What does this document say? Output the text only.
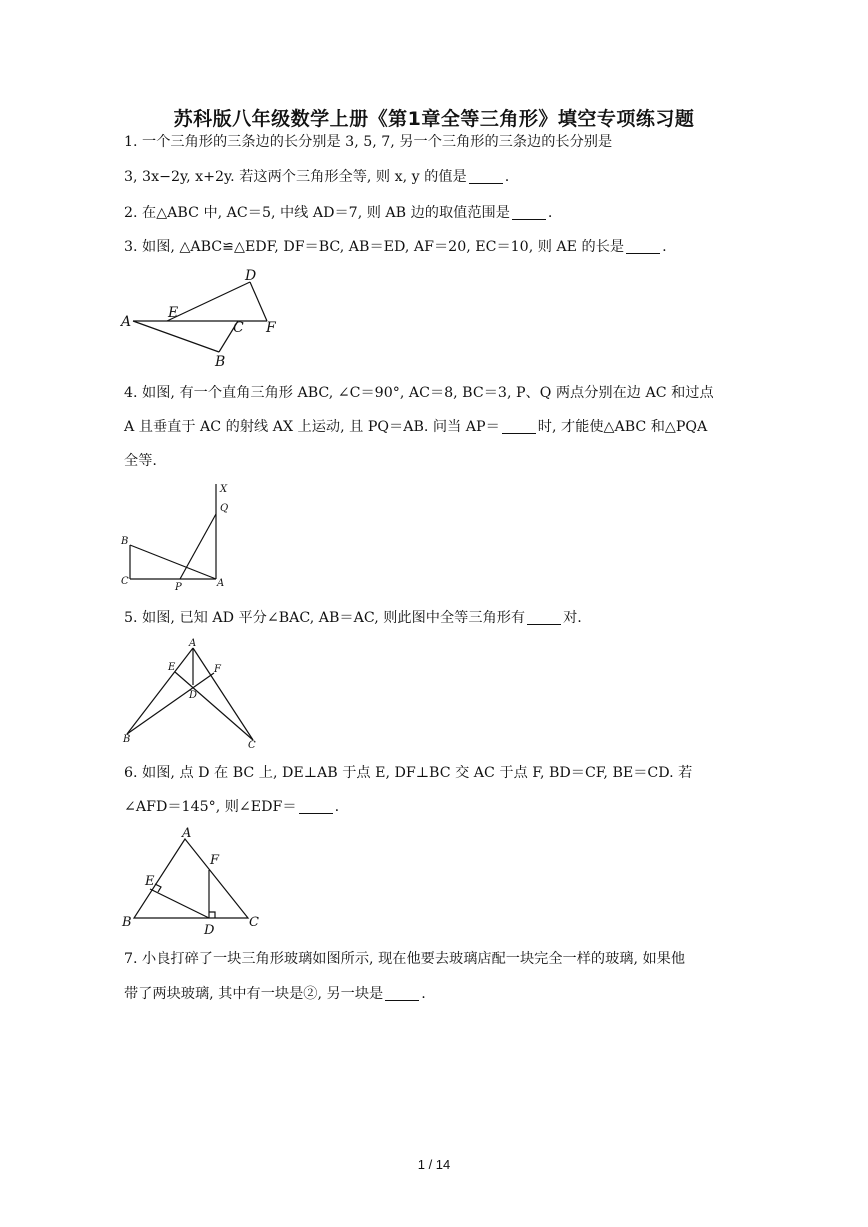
苏科版八年级数学上册《第1章全等三角形》填空专项练习题
1. 一个三角形的三条边的长分别是 3, 5, 7, 另一个三角形的三条边的长分别是
3, 3x−2y, x+2y. 若这两个三角形全等, 则 x, y 的值是	.
2. 在△ABC 中, AC＝5, 中线 AD＝7, 则 AB 边的取值范围是	.
3. 如图, △ABC≌△EDF, DF＝BC, AB＝ED, AF＝20, EC＝10, 则 AE 的长是	.
D
E
A	C F
B
4. 如图, 有一个直角三角形 ABC, ∠C＝90°, AC＝8, BC＝3, P、Q 两点分别在边 AC 和过点
A 且垂直于 AC 的射线 AX 上运动, 且 PQ＝AB. 问当 AP＝	时, 才能使△ABC 和△PQA
全等.
X
Q
B
C
P	A
5. 如图, 已知 AD 平分∠BAC, AB＝AC, 则此图中全等三角形有	对.
A
E	F
D
B
C
6. 如图, 点 D 在 BC 上, DE⊥AB 于点 E, DF⊥BC 交 AC 于点 F, BD＝CF, BE＝CD. 若
∠AFD＝145°, 则∠EDF＝	.
A
F
E
B
D
C
7. 小良打碎了一块三角形玻璃如图所示, 现在他要去玻璃店配一块完全一样的玻璃, 如果他
带了两块玻璃, 其中有一块是②, 另一块是	.
1 / 14
